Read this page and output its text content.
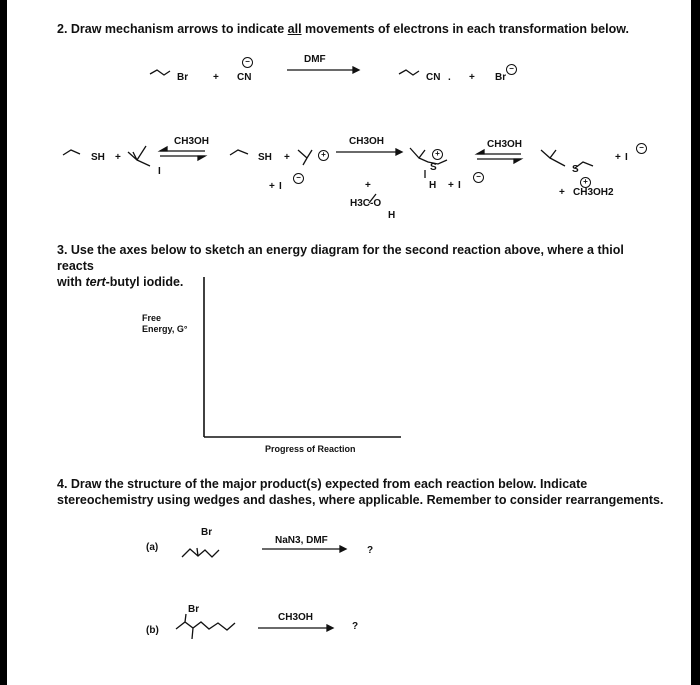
2. Draw mechanism arrows to indicate all movements of electrons in each transformation below.
Br + CN
DMF
CN . + Br
SH +
I
CH3OH
SH +
+ I
CH3OH
+
H3C-O
H
S
H + I
CH3OH
S
+ I
+ CH3OH2
−
−
−
−
+	+
−
+
3. Use the axes below to sketch an energy diagram for the second reaction above, where a thiol reacts
with tert-butyl iodide.
Free
Energy, G°
Progress of Reaction
4. Draw the structure of the major product(s) expected from each reaction below. Indicate
stereochemistry using wedges and dashes, where applicable. Remember to consider rearrangements.
(a)
Br
NaN3, DMF
?
(b)
Br
CH3OH
?
